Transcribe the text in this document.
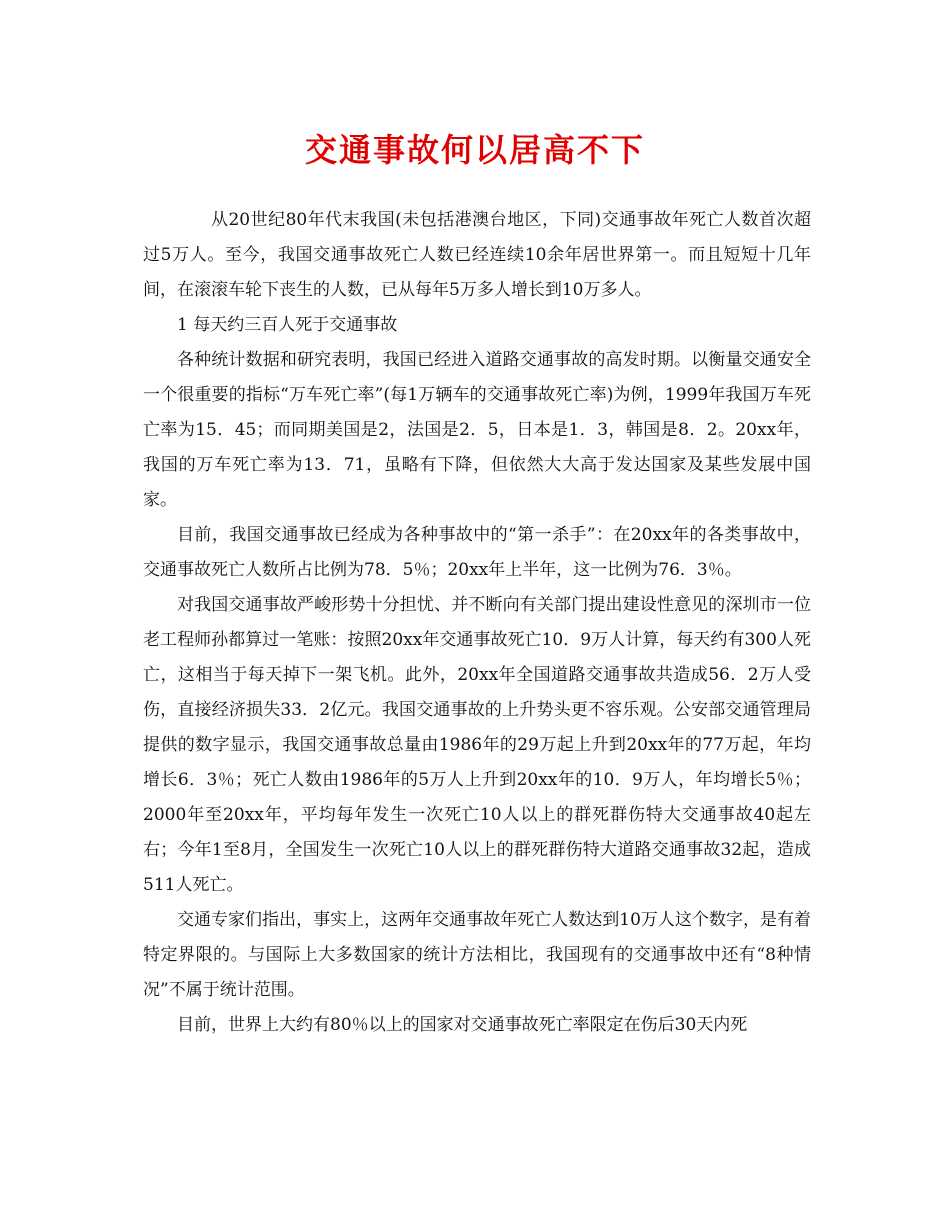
交通事故何以居高不下

从20世纪80年代末我国(未包括港澳台地区，下同)交通事故年死亡人数首次超过5万人。至今，我国交通事故死亡人数已经连续10余年居世界第一。而且短短十几年间，在滚滚车轮下丧生的人数，已从每年5万多人增长到10万多人。

1 每天约三百人死于交通事故

各种统计数据和研究表明，我国已经进入道路交通事故的高发时期。以衡量交通安全一个很重要的指标“万车死亡率”(每1万辆车的交通事故死亡率)为例，1999年我国万车死亡率为15．45；而同期美国是2，法国是2．5，日本是1．3，韩国是8．2。20xx年，我国的万车死亡率为13．71，虽略有下降，但依然大大高于发达国家及某些发展中国家。

目前，我国交通事故已经成为各种事故中的“第一杀手”：在20xx年的各类事故中，交通事故死亡人数所占比例为78．5％；20xx年上半年，这一比例为76．3％。

对我国交通事故严峻形势十分担忧、并不断向有关部门提出建设性意见的深圳市一位老工程师孙都算过一笔账：按照20xx年交通事故死亡10．9万人计算，每天约有300人死亡，这相当于每天掉下一架飞机。此外，20xx年全国道路交通事故共造成56．2万人受伤，直接经济损失33．2亿元。我国交通事故的上升势头更不容乐观。公安部交通管理局提供的数字显示，我国交通事故总量由1986年的29万起上升到20xx年的77万起，年均增长6．3％；死亡人数由1986年的5万人上升到20xx年的10．9万人，年均增长5％；2000年至20xx年，平均每年发生一次死亡10人以上的群死群伤特大交通事故40起左右；今年1至8月，全国发生一次死亡10人以上的群死群伤特大道路交通事故32起，造成511人死亡。

交通专家们指出，事实上，这两年交通事故年死亡人数达到10万人这个数字，是有着特定界限的。与国际上大多数国家的统计方法相比，我国现有的交通事故中还有“8种情况”不属于统计范围。

目前，世界上大约有80％以上的国家对交通事故死亡率限定在伤后30天内死
